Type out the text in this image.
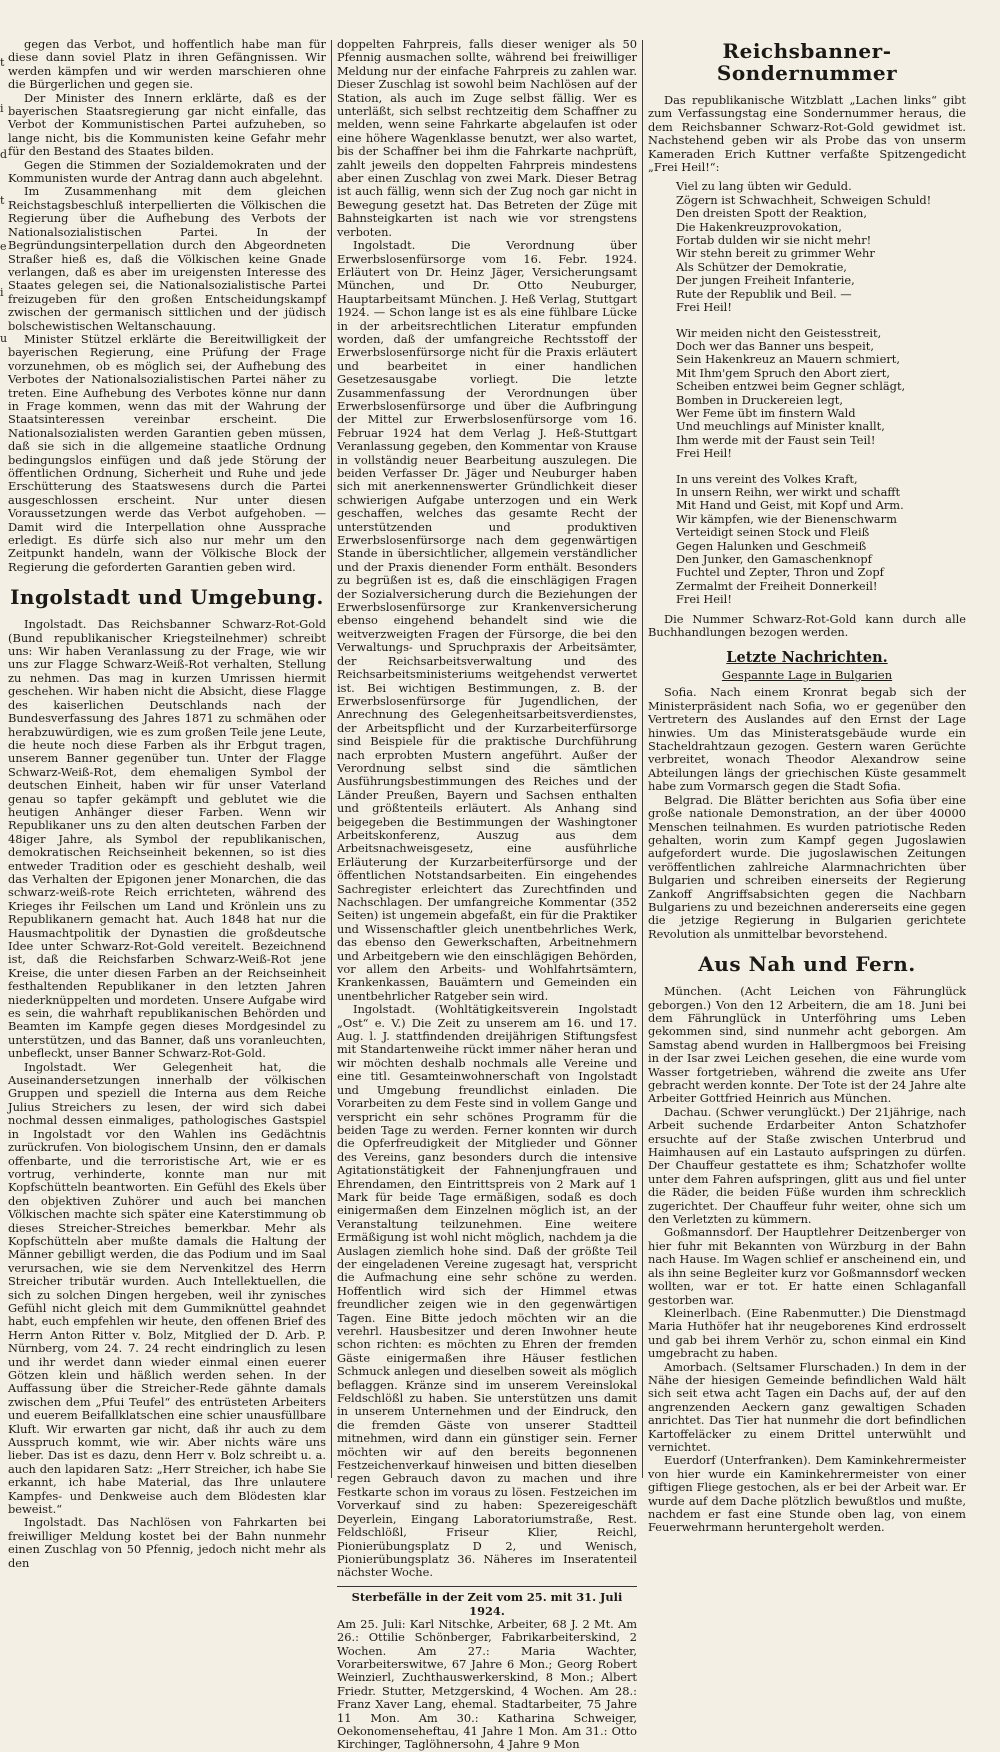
t
i
d
t
e
i
u

gegen das Verbot, und hoffentlich habe man für diese dann soviel Platz in ihren Gefängnissen. Wir werden kämpfen und wir werden marschieren ohne die Bürgerlichen und gegen sie.

Der Minister des Innern erklärte, daß es der bayerischen Staatsregierung gar nicht einfalle, das Verbot der Kommunistischen Partei aufzuheben, so lange nicht, bis die Kommunisten keine Gefahr mehr für den Bestand des Staates bilden.

Gegen die Stimmen der Sozialdemokraten und der Kommunisten wurde der Antrag dann auch abgelehnt.

Im Zusammenhang mit dem gleichen Reichstagsbeschluß interpellierten die Völkischen die Regierung über die Aufhebung des Verbots der Nationalsozialistischen Partei. In der Begründungsinterpellation durch den Abgeordneten Straßer hieß es, daß die Völkischen keine Gnade verlangen, daß es aber im ureigensten Interesse des Staates gelegen sei, die Nationalsozialistische Partei freizugeben für den großen Entscheidungskampf zwischen der germanisch sittlichen und der jüdisch bolschewistischen Weltanschauung.

Minister Stützel erklärte die Bereitwilligkeit der bayerischen Regierung, eine Prüfung der Frage vorzunehmen, ob es möglich sei, der Aufhebung des Verbotes der Nationalsozialistischen Partei näher zu treten. Eine Aufhebung des Verbotes könne nur dann in Frage kommen, wenn das mit der Wahrung der Staatsinteressen vereinbar erscheint. Die Nationalsozialisten werden Garantien geben müssen, daß sie sich in die allgemeine staatliche Ordnung bedingungslos einfügen und daß jede Störung der öffentlichen Ordnung, Sicherheit und Ruhe und jede Erschütterung des Staatswesens durch die Partei ausgeschlossen erscheint. Nur unter diesen Voraussetzungen werde das Verbot aufgehoben. — Damit wird die Interpellation ohne Aussprache erledigt. Es dürfe sich also nur mehr um den Zeitpunkt handeln, wann der Völkische Block der Regierung die geforderten Garantien geben wird.

Ingolstadt und Umgebung.

Ingolstadt. Das Reichsbanner Schwarz-Rot-Gold (Bund republikanischer Kriegsteilnehmer) schreibt uns: Wir haben Veranlassung zu der Frage, wie wir uns zur Flagge Schwarz-Weiß-Rot verhalten, Stellung zu nehmen. Das mag in kurzen Umrissen hiermit geschehen. Wir haben nicht die Absicht, diese Flagge des kaiserlichen Deutschlands nach der Bundesverfassung des Jahres 1871 zu schmähen oder herabzuwürdigen, wie es zum großen Teile jene Leute, die heute noch diese Farben als ihr Erbgut tragen, unserem Banner gegenüber tun. Unter der Flagge Schwarz-Weiß-Rot, dem ehemaligen Symbol der deutschen Einheit, haben wir für unser Vaterland genau so tapfer gekämpft und geblutet wie die heutigen Anhänger dieser Farben. Wenn wir Republikaner uns zu den alten deutschen Farben der 48iger Jahre, als Symbol der republikanischen, demokratischen Reichseinheit bekennen, so ist dies entweder Tradition oder es geschieht deshalb, weil das Verhalten der Epigonen jener Monarchen, die das schwarz-weiß-rote Reich errichteten, während des Krieges ihr Feilschen um Land und Krönlein uns zu Republikanern gemacht hat. Auch 1848 hat nur die Hausmachtpolitik der Dynastien die großdeutsche Idee unter Schwarz-Rot-Gold vereitelt. Bezeichnend ist, daß die Reichsfarben Schwarz-Weiß-Rot jene Kreise, die unter diesen Farben an der Reichseinheit festhaltenden Republikaner in den letzten Jahren niederknüppelten und mordeten. Unsere Aufgabe wird es sein, die wahrhaft republikanischen Behörden und Beamten im Kampfe gegen dieses Mordgesindel zu unterstützen, und das Banner, daß uns voranleuchten, unbefleckt, unser Banner Schwarz-Rot-Gold.

Ingolstadt. Wer Gelegenheit hat, die Auseinandersetzungen innerhalb der völkischen Gruppen und speziell die Interna aus dem Reiche Julius Streichers zu lesen, der wird sich dabei nochmal dessen einmaliges, pathologisches Gastspiel in Ingolstadt vor den Wahlen ins Gedächtnis zurückrufen. Von biologischem Unsinn, den er damals offenbarte, und die terroristische Art, wie er es vortrug, verhinderte, konnte man nur mit Kopfschütteln beantworten. Ein Gefühl des Ekels über den objektiven Zuhörer und auch bei manchen Völkischen machte sich später eine Katerstimmung ob dieses Streicher-Streiches bemerkbar. Mehr als Kopfschütteln aber mußte damals die Haltung der Männer gebilligt werden, die das Podium und im Saal verursachen, wie sie dem Nervenkitzel des Herrn Streicher tributär wurden. Auch Intellektuellen, die sich zu solchen Dingen hergeben, weil ihr zynisches Gefühl nicht gleich mit dem Gummiknüttel geahndet habt, euch empfehlen wir heute, den offenen Brief des Herrn Anton Ritter v. Bolz, Mitglied der D. Arb. P. Nürnberg, vom 24. 7. 24 recht eindringlich zu lesen und ihr werdet dann wieder einmal einen euerer Götzen klein und häßlich werden sehen. In der Auffassung über die Streicher-Rede gähnte damals zwischen dem „Pfui Teufel“ des entrüsteten Arbeiters und euerem Beifallklatschen eine schier unausfüllbare Kluft. Wir erwarten gar nicht, daß ihr auch zu dem Ausspruch kommt, wie wir. Aber nichts wäre uns lieber. Das ist es dazu, denn Herr v. Bolz schreibt u. a. auch den lapidaren Satz: „Herr Streicher, ich habe Sie erkannt, ich habe Material, das Ihre unlautere Kampfes- und Denkweise auch dem Blödesten klar beweist.“

Ingolstadt. Das Nachlösen von Fahrkarten bei freiwilliger Meldung kostet bei der Bahn nunmehr einen Zuschlag von 50 Pfennig, jedoch nicht mehr als den

doppelten Fahrpreis, falls dieser weniger als 50 Pfennig ausmachen sollte, während bei freiwilliger Meldung nur der einfache Fahrpreis zu zahlen war. Dieser Zuschlag ist sowohl beim Nachlösen auf der Station, als auch im Zuge selbst fällig. Wer es unterläßt, sich selbst rechtzeitig dem Schaffner zu melden, wenn seine Fahrkarte abgelaufen ist oder eine höhere Wagenklasse benutzt, wer also wartet, bis der Schaffner bei ihm die Fahrkarte nachprüft, zahlt jeweils den doppelten Fahrpreis mindestens aber einen Zuschlag von zwei Mark. Dieser Betrag ist auch fällig, wenn sich der Zug noch gar nicht in Bewegung gesetzt hat. Das Betreten der Züge mit Bahnsteigkarten ist nach wie vor strengstens verboten.

Ingolstadt. Die Verordnung über Erwerbslosenfürsorge vom 16. Febr. 1924. Erläutert von Dr. Heinz Jäger, Versicherungsamt München, und Dr. Otto Neuburger, Hauptarbeitsamt München. J. Heß Verlag, Stuttgart 1924. — Schon lange ist es als eine fühlbare Lücke in der arbeitsrechtlichen Literatur empfunden worden, daß der umfangreiche Rechtsstoff der Erwerbslosenfürsorge nicht für die Praxis erläutert und bearbeitet in einer handlichen Gesetzesausgabe vorliegt. Die letzte Zusammenfassung der Verordnungen über Erwerbslosenfürsorge und über die Aufbringung der Mittel zur Erwerbslosenfürsorge vom 16. Februar 1924 hat dem Verlag J. Heß-Stuttgart Veranlassung gegeben, den Kommentar von Krause in vollständig neuer Bearbeitung auszulegen. Die beiden Verfasser Dr. Jäger und Neuburger haben sich mit anerkennenswerter Gründlichkeit dieser schwierigen Aufgabe unterzogen und ein Werk geschaffen, welches das gesamte Recht der unterstützenden und produktiven Erwerbslosenfürsorge nach dem gegenwärtigen Stande in übersichtlicher, allgemein verständlicher und der Praxis dienender Form enthält. Besonders zu begrüßen ist es, daß die einschlägigen Fragen der Sozialversicherung durch die Beziehungen der Erwerbslosenfürsorge zur Krankenversicherung ebenso eingehend behandelt sind wie die weitverzweigten Fragen der Fürsorge, die bei den Verwaltungs- und Spruchpraxis der Arbeitsämter, der Reichsarbeitsverwaltung und des Reichsarbeitsministeriums weitgehendst verwertet ist. Bei wichtigen Bestimmungen, z. B. der Erwerbslosenfürsorge für Jugendlichen, der Anrechnung des Gelegenheitsarbeitsverdienstes, der Arbeitspflicht und der Kurzarbeiterfürsorge sind Beispiele für die praktische Durchführung nach erprobten Mustern angeführt. Außer der Verordnung selbst sind die sämtlichen Ausführungsbestimmungen des Reiches und der Länder Preußen, Bayern und Sachsen enthalten und größtenteils erläutert. Als Anhang sind beigegeben die Bestimmungen der Washingtoner Arbeitskonferenz, Auszug aus dem Arbeitsnachweisgesetz, eine ausführliche Erläuterung der Kurzarbeiterfürsorge und der öffentlichen Notstandsarbeiten. Ein eingehendes Sachregister erleichtert das Zurechtfinden und Nachschlagen. Der umfangreiche Kommentar (352 Seiten) ist ungemein abgefaßt, ein für die Praktiker und Wissenschaftler gleich unentbehrliches Werk, das ebenso den Gewerkschaften, Arbeitnehmern und Arbeitgebern wie den einschlägigen Behörden, vor allem den Arbeits- und Wohlfahrtsämtern, Krankenkassen, Bauämtern und Gemeinden ein unentbehrlicher Ratgeber sein wird.

Ingolstadt. (Wohltätigkeitsverein Ingolstadt „Ost“ e. V.) Die Zeit zu unserem am 16. und 17. Aug. l. J. stattfindenden dreijährigen Stiftungsfest mit Standartenweihe rückt immer näher heran und wir möchten deshalb nochmals alle Vereine und eine titl. Gesamteinwohnerschaft von Ingolstadt und Umgebung freundlichst einladen. Die Vorarbeiten zu dem Feste sind in vollem Gange und verspricht ein sehr schönes Programm für die beiden Tage zu werden. Ferner konnten wir durch die Opferfreudigkeit der Mitglieder und Gönner des Vereins, ganz besonders durch die intensive Agitationstätigkeit der Fahnenjungfrauen und Ehrendamen, den Eintrittspreis von 2 Mark auf 1 Mark für beide Tage ermäßigen, sodaß es doch einigermaßen dem Einzelnen möglich ist, an der Veranstaltung teilzunehmen. Eine weitere Ermäßigung ist wohl nicht möglich, nachdem ja die Auslagen ziemlich hohe sind. Daß der größte Teil der eingeladenen Vereine zugesagt hat, verspricht die Aufmachung eine sehr schöne zu werden. Hoffentlich wird sich der Himmel etwas freundlicher zeigen wie in den gegenwärtigen Tagen. Eine Bitte jedoch möchten wir an die verehrl. Hausbesitzer und deren Inwohner heute schon richten: es möchten zu Ehren der fremden Gäste einigermaßen ihre Häuser festlichen Schmuck anlegen und dieselben soweit als möglich beflaggen. Kränze sind im unserem Vereinslokal Feldschlößl zu haben. Sie unterstützen uns damit in unserem Unternehmen und der Eindruck, den die fremden Gäste von unserer Stadtteil mitnehmen, wird dann ein günstiger sein. Ferner möchten wir auf den bereits begonnenen Festzeichenverkauf hinweisen und bitten dieselben regen Gebrauch davon zu machen und ihre Festkarte schon im voraus zu lösen. Festzeichen im Vorverkauf sind zu haben: Spezereigeschäft Deyerlein, Eingang Laboratoriumstraße, Rest. Feldschlößl, Friseur Klier, Reichl, Pionierübungsplatz D 2, und Wenisch, Pionierübungsplatz 36. Näheres im Inseratenteil nächster Woche.

Sterbefälle in der Zeit vom 25. mit 31. Juli 1924.

Am 25. Juli: Karl Nitschke, Arbeiter, 68 J. 2 Mt. Am 26.: Ottilie Schönberger, Fabrikarbeiterskind, 2 Wochen. Am 27.: Maria Wachter, Vorarbeiterswitwe, 67 Jahre 6 Mon.; Georg Robert Weinzierl, Zuchthauswerkerskind, 8 Mon.; Albert Friedr. Stutter, Metzgerskind, 4 Wochen. Am 28.: Franz Xaver Lang, ehemal. Stadtarbeiter, 75 Jahre 11 Mon. Am 30.: Katharina Schweiger, Oekonomenseheftau, 41 Jahre 1 Mon. Am 31.: Otto Kirchinger, Taglöhnersohn, 4 Jahre 9 Mon

Reichsbanner-Sondernummer

Das republikanische Witzblatt „Lachen links“ gibt zum Verfassungstag eine Sondernummer heraus, die dem Reichsbanner Schwarz-Rot-Gold gewidmet ist. Nachstehend geben wir als Probe das von unserm Kameraden Erich Kuttner verfaßte Spitzengedicht „Frei Heil!“:

Viel zu lang übten wir Geduld.
Zögern ist Schwachheit, Schweigen Schuld!
Den dreisten Spott der Reaktion,
Die Hakenkreuzprovokation,
Fortab dulden wir sie nicht mehr!
Wir stehn bereit zu grimmer Wehr
Als Schützer der Demokratie,
Der jungen Freiheit Infanterie,
Rute der Republik und Beil. —
Frei Heil!
Wir meiden nicht den Geistesstreit,
Doch wer das Banner uns bespeit,
Sein Hakenkreuz an Mauern schmiert,
Mit Ihm'gem Spruch den Abort ziert,
Scheiben entzwei beim Gegner schlägt,
Bomben in Druckereien legt,
Wer Feme übt im finstern Wald
Und meuchlings auf Minister knallt,
Ihm werde mit der Faust sein Teil!
Frei Heil!
In uns vereint des Volkes Kraft,
In unsern Reihn, wer wirkt und schafft
Mit Hand und Geist, mit Kopf und Arm.
Wir kämpfen, wie der Bienenschwarm
Verteidigt seinen Stock und Fleiß
Gegen Halunken und Geschmeiß
Den Junker, den Gamaschenknopf
Fuchtel und Zepter, Thron und Zopf
Zermalmt der Freiheit Donnerkeil!
Frei Heil!

Die Nummer Schwarz-Rot-Gold kann durch alle Buchhandlungen bezogen werden.

Letzte Nachrichten.
Gespannte Lage in Bulgarien

Sofia. Nach einem Kronrat begab sich der Ministerpräsident nach Sofia, wo er gegenüber den Vertretern des Auslandes auf den Ernst der Lage hinwies. Um das Ministeratsgebäude wurde ein Stacheldrahtzaun gezogen. Gestern waren Gerüchte verbreitet, wonach Theodor Alexandrow seine Abteilungen längs der griechischen Küste gesammelt habe zum Vormarsch gegen die Stadt Sofia.

Belgrad. Die Blätter berichten aus Sofia über eine große nationale Demonstration, an der über 40000 Menschen teilnahmen. Es wurden patriotische Reden gehalten, worin zum Kampf gegen Jugoslawien aufgefordert wurde. Die jugoslawischen Zeitungen veröffentlichen zahlreiche Alarmnachrichten über Bulgarien und schreiben einerseits der Regierung Zankoff Angriffsabsichten gegen die Nachbarn Bulgariens zu und bezeichnen andererseits eine gegen die jetzige Regierung in Bulgarien gerichtete Revolution als unmittelbar bevorstehend.

Aus Nah und Fern.

München. (Acht Leichen von Fährunglück geborgen.) Von den 12 Arbeitern, die am 18. Juni bei dem Fährunglück in Unterföhring ums Leben gekommen sind, sind nunmehr acht geborgen. Am Samstag abend wurden in Hallbergmoos bei Freising in der Isar zwei Leichen gesehen, die eine wurde vom Wasser fortgetrieben, während die zweite ans Ufer gebracht werden konnte. Der Tote ist der 24 Jahre alte Arbeiter Gottfried Heinrich aus München.

Dachau. (Schwer verunglückt.) Der 21jährige, nach Arbeit suchende Erdarbeiter Anton Schatzhofer ersuchte auf der Staße zwischen Unterbrud und Haimhausen auf ein Lastauto aufspringen zu dürfen. Der Chauffeur gestattete es ihm; Schatzhofer wollte unter dem Fahren aufspringen, glitt aus und fiel unter die Räder, die beiden Füße wurden ihm schrecklich zugerichtet. Der Chauffeur fuhr weiter, ohne sich um den Verletzten zu kümmern.

Goßmannsdorf. Der Hauptlehrer Deitzenberger von hier fuhr mit Bekannten von Würzburg in der Bahn nach Hause. Im Wagen schlief er anscheinend ein, und als ihn seine Begleiter kurz vor Goßmannsdorf wecken wollten, war er tot. Er hatte einen Schlaganfall gestorben war.

Kleinerlbach. (Eine Rabenmutter.) Die Dienstmagd Maria Huthöfer hat ihr neugeborenes Kind erdrosselt und gab bei ihrem Verhör zu, schon einmal ein Kind umgebracht zu haben.

Amorbach. (Seltsamer Flurschaden.) In dem in der Nähe der hiesigen Gemeinde befindlichen Wald hält sich seit etwa acht Tagen ein Dachs auf, der auf den angrenzenden Aeckern ganz gewaltigen Schaden anrichtet. Das Tier hat nunmehr die dort befindlichen Kartoffeläcker zu einem Drittel unterwühlt und vernichtet.

Euerdorf (Unterfranken). Dem Kaminkehrermeister von hier wurde ein Kaminkehrermeister von einer giftigen Fliege gestochen, als er bei der Arbeit war. Er wurde auf dem Dache plötzlich bewußtlos und mußte, nachdem er fast eine Stunde oben lag, von einem Feuerwehrmann heruntergeholt werden.
